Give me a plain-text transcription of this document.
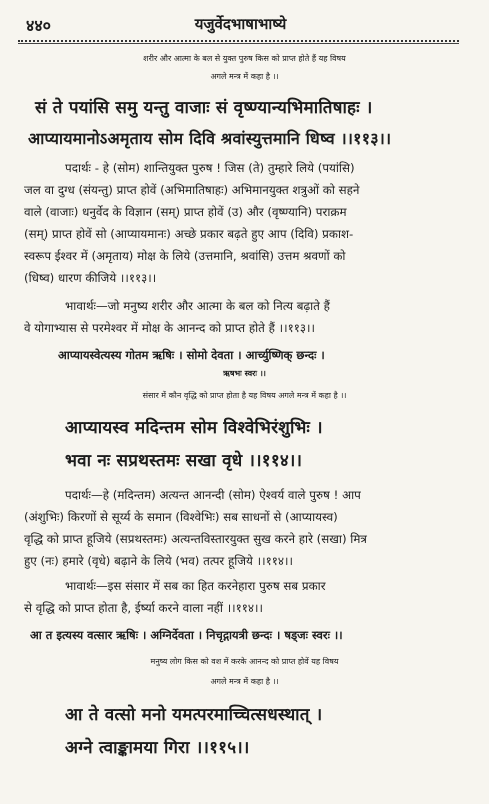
४४०	यजुर्वेदभाषाभाष्ये
शरीर और आत्मा के बल से युक्त पुरुष किस को प्राप्त होते हैं यह विषय
अगले मन्त्र में कहा है ।।
सं ते पयांसि समु यन्तु वाजाः सं वृष्ण्यान्यभिमातिषाहः ।
आप्यायमानोऽअमृताय सोम दिवि श्रवांस्युत्तमानि धिष्व ।।११३।।
पदार्थः - हे (सोम) शान्तियुक्त पुरुष ! जिस (ते) तुम्हारे लिये (पयांसि)
जल वा दुग्ध (संयन्तु) प्राप्त होवें (अभिमातिषाहः) अभिमानयुक्त शत्रुओं को सहने
वाले (वाजाः) धनुर्वेद के विज्ञान (सम्) प्राप्त होवें (उ) और (वृष्ण्यानि) पराक्रम
(सम्) प्राप्त होवें सो (आप्यायमानः) अच्छे प्रकार बढ़ते हुए आप (दिवि) प्रकाश-
स्वरूप ईश्वर में (अमृताय) मोक्ष के लिये (उत्तमानि, श्रवांसि) उत्तम श्रवणों को
(धिष्व) धारण कीजिये ।।११३।।
भावार्थः—जो मनुष्य शरीर और आत्मा के बल को नित्य बढ़ाते हैं
वे योगाभ्यास से परमेश्वर में मोक्ष के आनन्द को प्राप्त होते हैं ।।११३।।
आप्यायस्वेत्यस्य गोतम ऋषिः । सोमो देवता । आर्च्युष्णिक् छन्दः ।
ऋषभः स्वरः ।।
संसार में कौन वृद्धि को प्राप्त होता है यह विषय अगले मन्त्र में कहा है ।।
आप्यायस्व मदिन्तम सोम विश्वेभिरंशुभिः ।
भवा नः सप्रथस्तमः सखा वृधे ।।११४।।
पदार्थः—हे (मदिन्तम) अत्यन्त आनन्दी (सोम) ऐश्वर्य वाले पुरुष ! आप
(अंशुभिः) किरणों से सूर्य्य के समान (विश्वेभिः) सब साधनों से (आप्यायस्व)
वृद्धि को प्राप्त हूजिये (सप्रथस्तमः) अत्यन्तविस्तारयुक्त सुख करने हारे (सखा) मित्र
हुए (नः) हमारे (वृधे) बढ़ाने के लिये (भव) तत्पर हूजिये ।।११४।।
भावार्थः—इस संसार में सब का हित करनेहारा पुरुष सब प्रकार
से वृद्धि को प्राप्त होता है, ईर्ष्या करने वाला नहीं ।।११४।।
आ त इत्यस्य वत्सार ऋषिः । अग्निर्देवता । निचृद्गायत्री छन्दः । षड्जः स्वरः ।।
मनुष्य लोग किस को वश में करके आनन्द को प्राप्त होवें यह विषय
अगले मन्त्र में कहा है ।।
आ ते वत्सो मनो यमत्परमाच्चित्सधस्थात् ।
अग्ने त्वाङ्कामया गिरा ।।११५।।
